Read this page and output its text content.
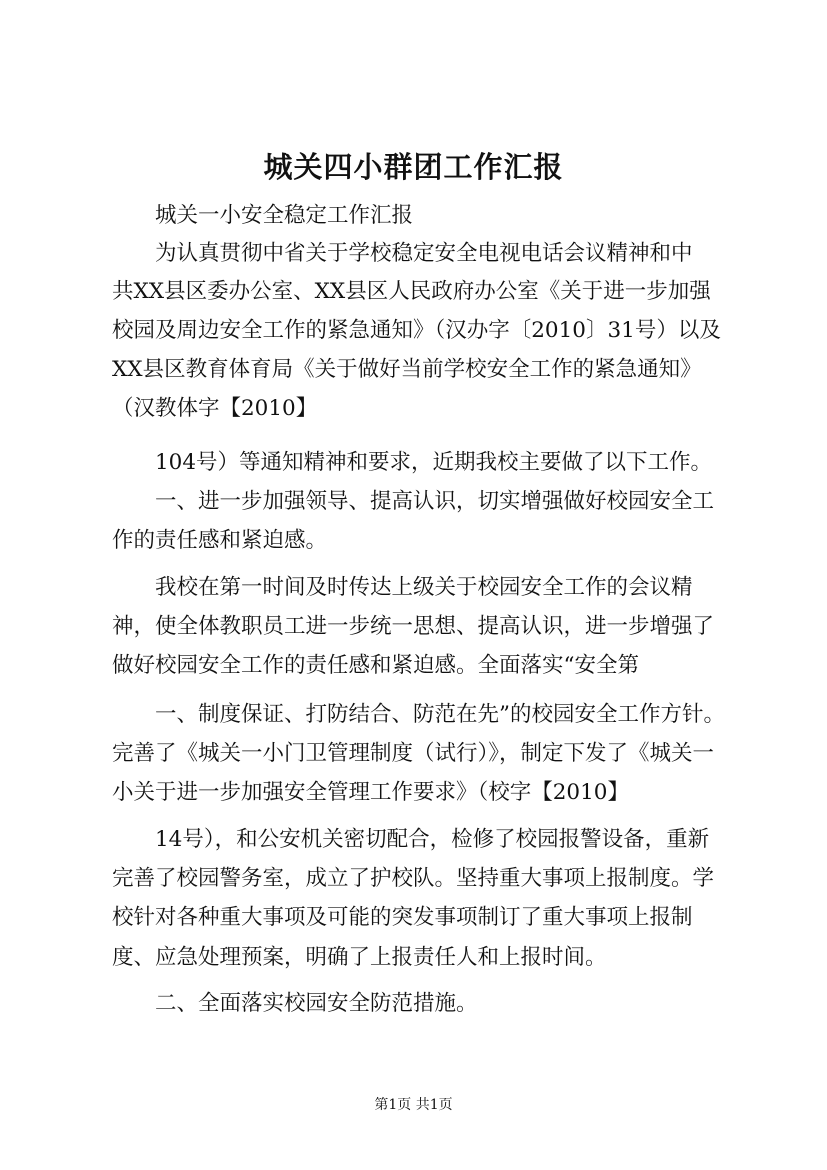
城关四小群团工作汇报
　　城关一小安全稳定工作汇报
　　为认真贯彻中省关于学校稳定安全电视电话会议精神和中
共XX县区委办公室、XX县区人民政府办公室《关于进一步加强
校园及周边安全工作的紧急通知》（汉办字〔2010〕31号）以及
XX县区教育体育局《关于做好当前学校安全工作的紧急通知》
（汉教体字【2010】
　　104号）等通知精神和要求，近期我校主要做了以下工作。
　　一、进一步加强领导、提高认识，切实增强做好校园安全工
作的责任感和紧迫感。
　　我校在第一时间及时传达上级关于校园安全工作的会议精
神，使全体教职员工进一步统一思想、提高认识，进一步增强了
做好校园安全工作的责任感和紧迫感。全面落实“安全第
　　一、制度保证、打防结合、防范在先”的校园安全工作方针。
完善了《城关一小门卫管理制度（试行）》，制定下发了《城关一
小关于进一步加强安全管理工作要求》（校字【2010】
　　14号），和公安机关密切配合，检修了校园报警设备，重新
完善了校园警务室，成立了护校队。坚持重大事项上报制度。学
校针对各种重大事项及可能的突发事项制订了重大事项上报制
度、应急处理预案，明确了上报责任人和上报时间。
　　二、全面落实校园安全防范措施。
第1页 共1页
